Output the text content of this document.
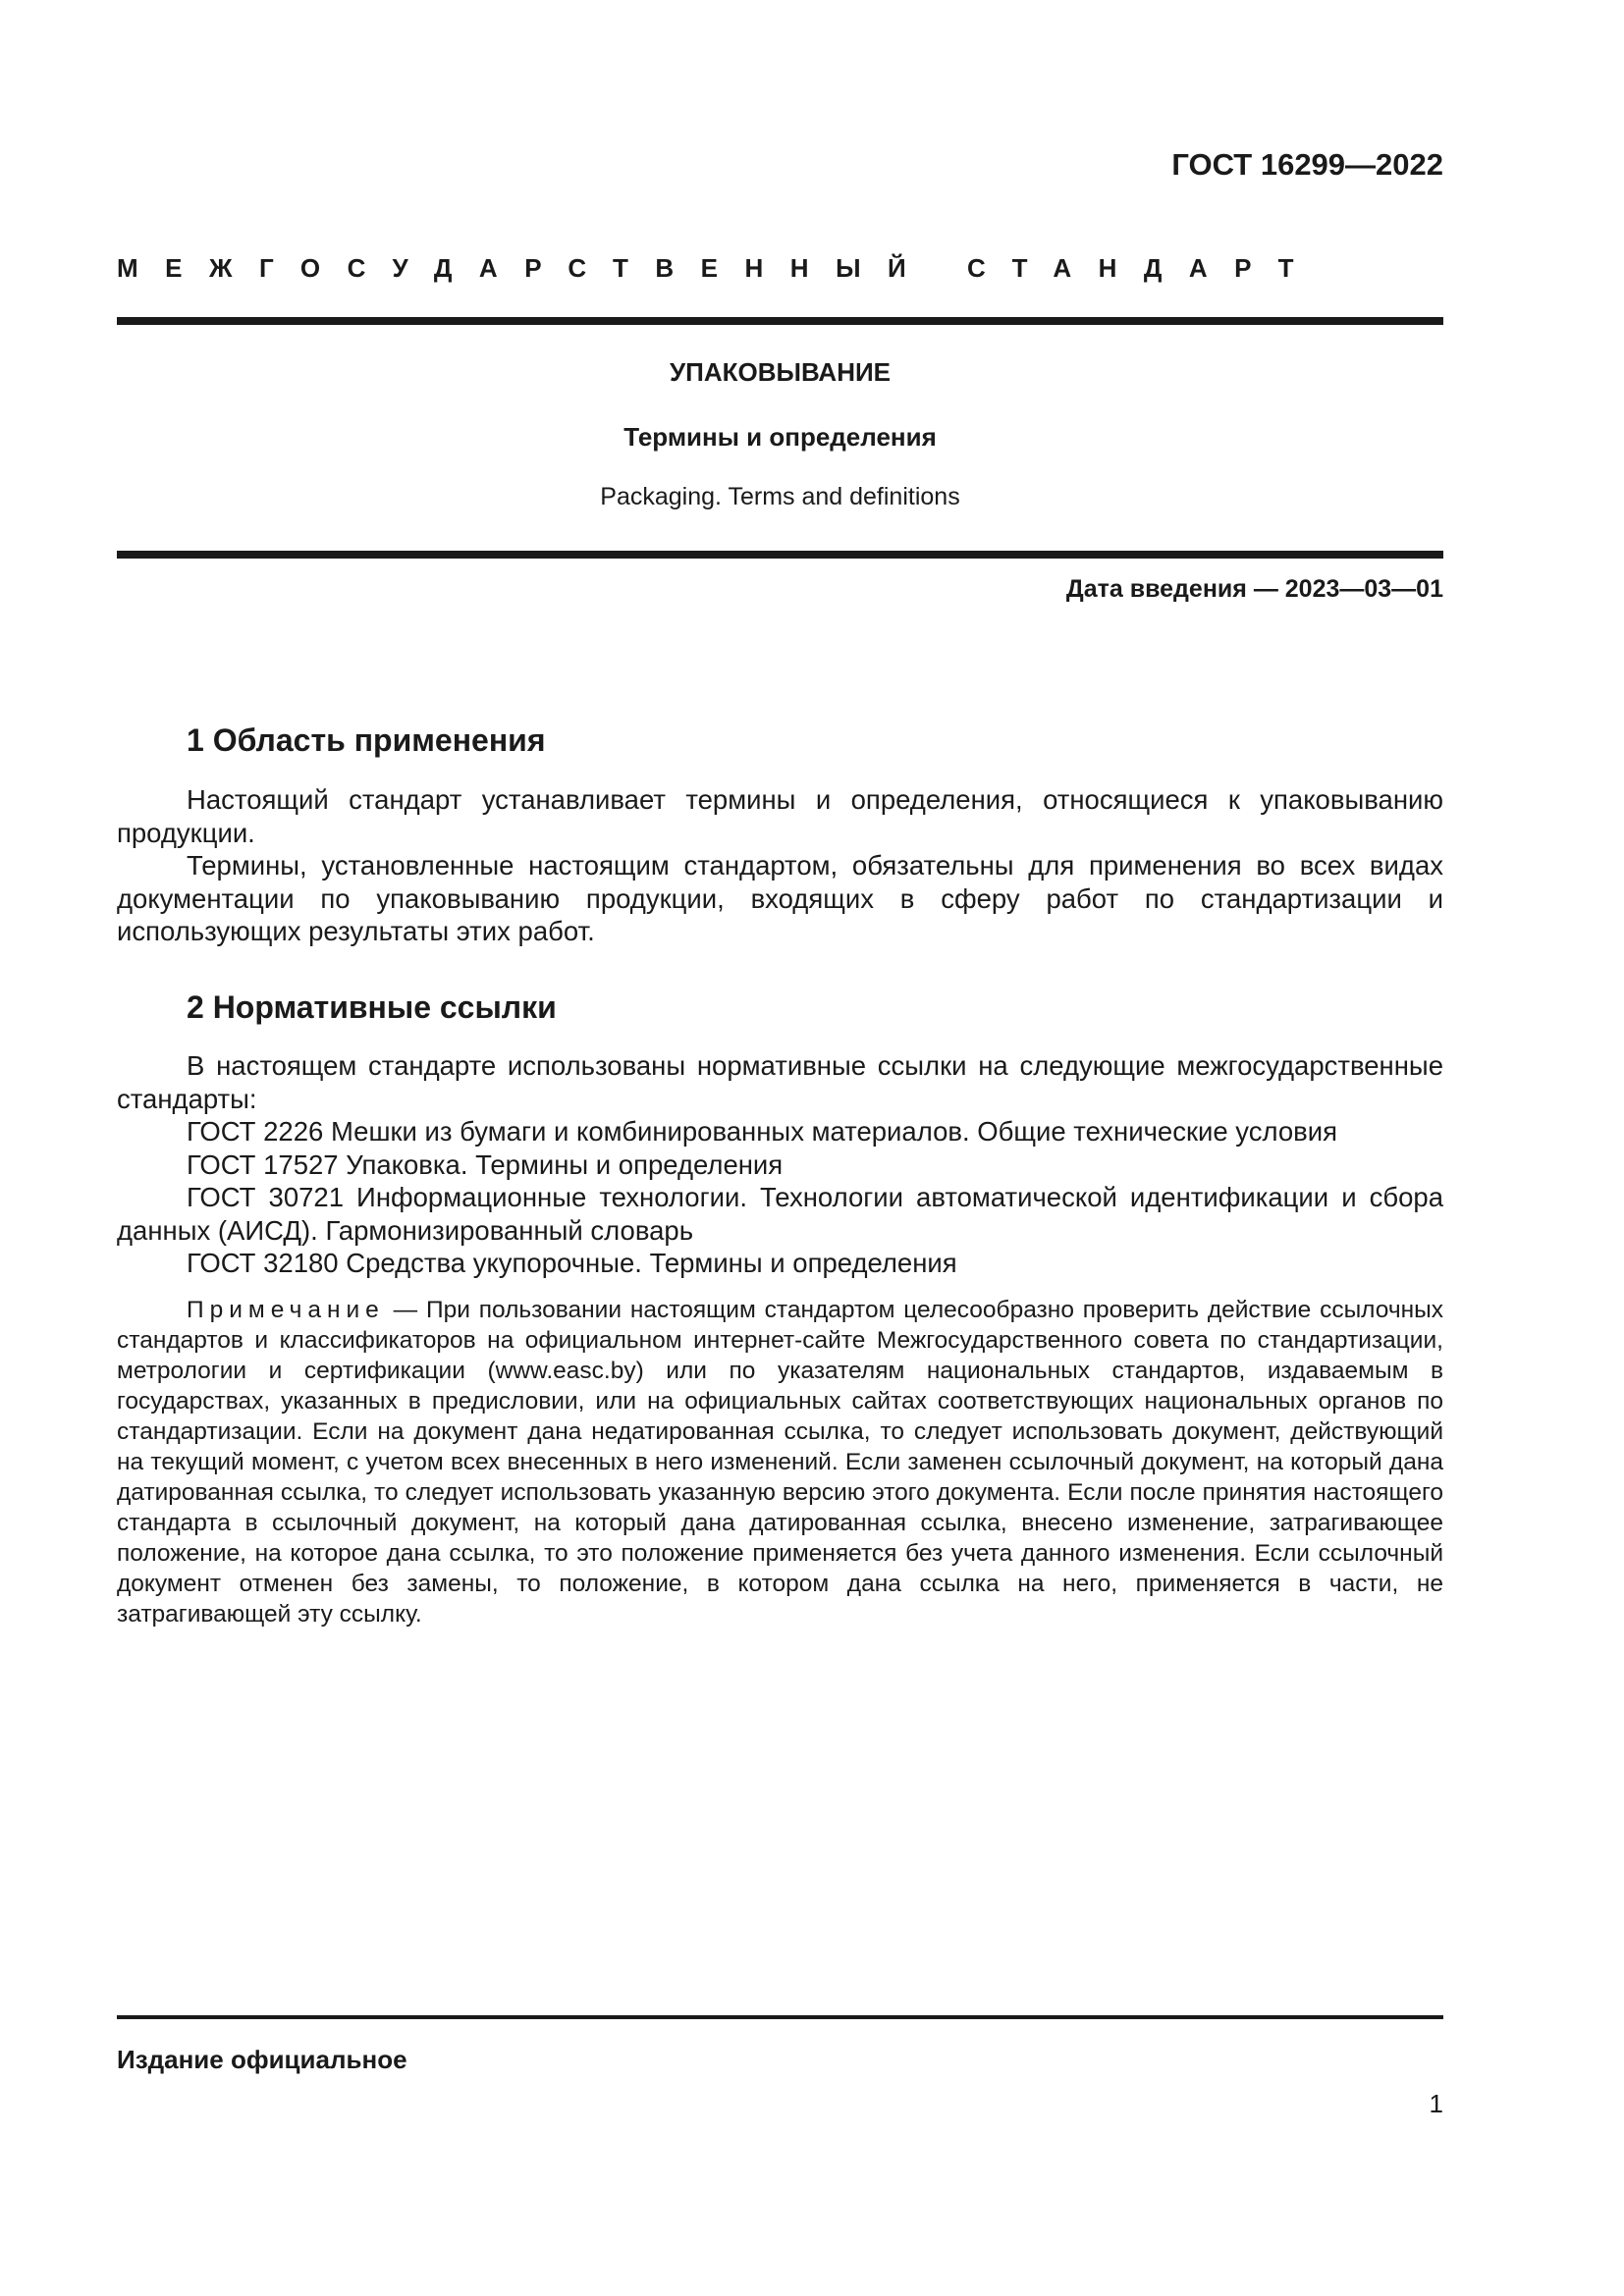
ГОСТ 16299—2022

МЕЖГОСУДАРСТВЕННЫЙ СТАНДАРТ

УПАКОВЫВАНИЕ

Термины и определения

Packaging. Terms and definitions

Дата введения — 2023—03—01

1 Область применения
2 Нормативные ссылки

Настоящий стандарт устанавливает термины и определения, относящиеся к упаковыванию продукции.

Термины, установленные настоящим стандартом, обязательны для применения во всех видах документации по упаковыванию продукции, входящих в сферу работ по стандартизации и использующих результаты этих работ.

В настоящем стандарте использованы нормативные ссылки на следующие межгосударственные стандарты:

ГОСТ 2226 Мешки из бумаги и комбинированных материалов. Общие технические условия

ГОСТ 17527 Упаковка. Термины и определения

ГОСТ 30721 Информационные технологии. Технологии автоматической идентификации и сбора данных (АИСД). Гармонизированный словарь

ГОСТ 32180 Средства укупорочные. Термины и определения

Примечание — При пользовании настоящим стандартом целесообразно проверить действие ссылочных стандартов и классификаторов на официальном интернет-сайте Межгосударственного совета по стандартизации, метрологии и сертификации (www.easc.by) или по указателям национальных стандартов, издаваемым в государствах, указанных в предисловии, или на официальных сайтах соответствующих национальных органов по стандартизации. Если на документ дана недатированная ссылка, то следует использовать документ, действующий на текущий момент, с учетом всех внесенных в него изменений. Если заменен ссылочный документ, на который дана датированная ссылка, то следует использовать указанную версию этого документа. Если после принятия настоящего стандарта в ссылочный документ, на который дана датированная ссылка, внесено изменение, затрагивающее положение, на которое дана ссылка, то это положение применяется без учета данного изменения. Если ссылочный документ отменен без замены, то положение, в котором дана ссылка на него, применяется в части, не затрагивающей эту ссылку.

Издание официальное

1
